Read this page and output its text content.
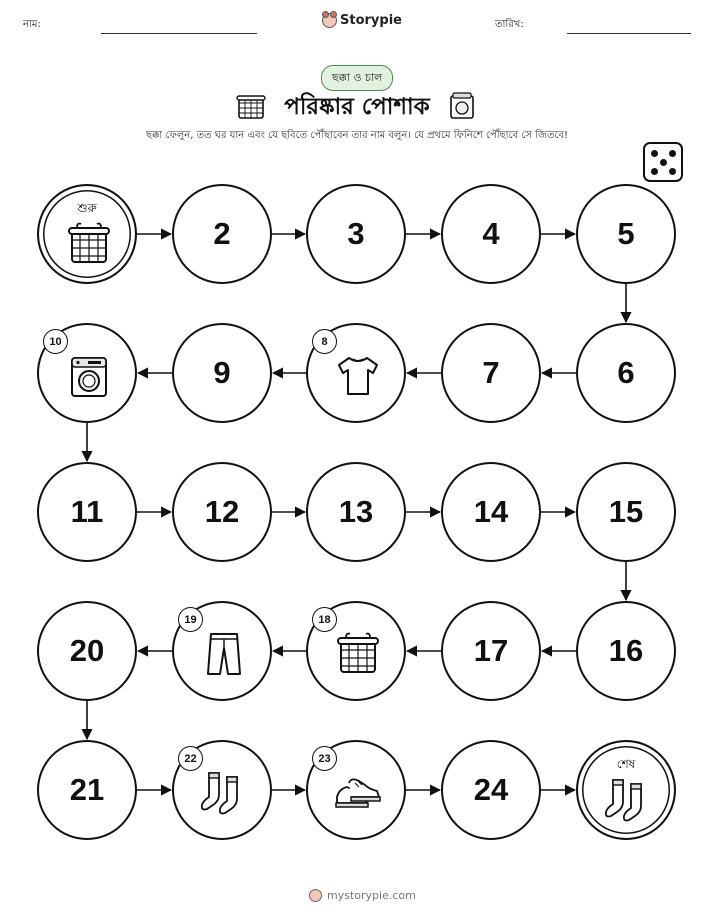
নাম:	Storypie	তারিখ:
ছক্কা ও চাল
পরিষ্কার পোশাক
ছক্কা ফেলুন, তত ঘর যান এবং যে ছবিতে পৌঁছাবেন তার নাম বলুন। যে প্রথমে ফিনিশে পৌঁছাবে সে জিতবে!
শুরু
2	3	4	5
6
7
8
9
10
11	12	13	14	15
16
17
18
19
20
21
22	23
24
শেষ
mystorypie.com
